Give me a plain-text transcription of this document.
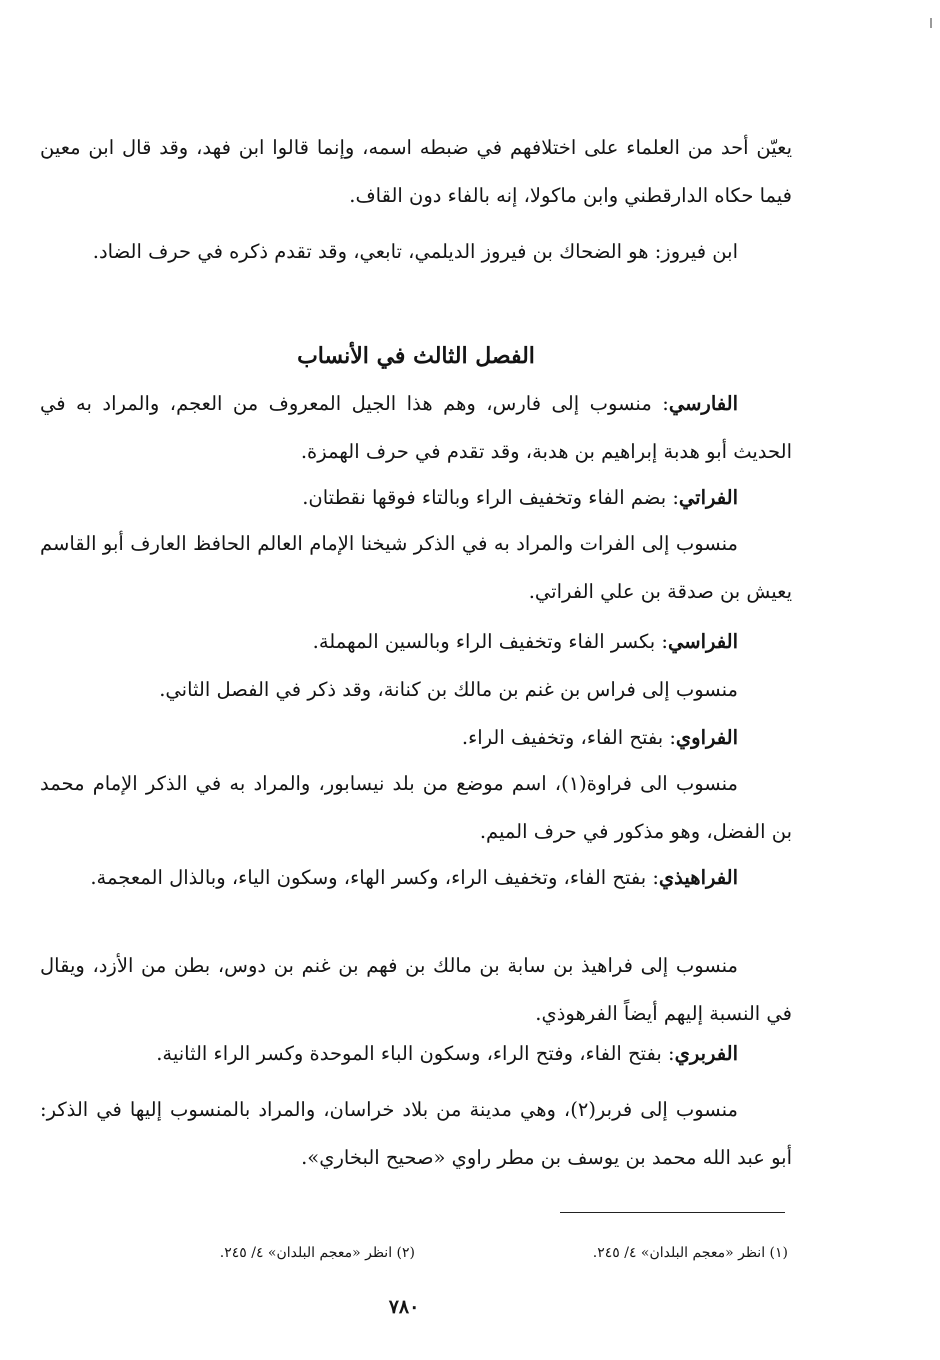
يعيّن أحد من العلماء على اختلافهم في ضبطه اسمه، وإنما قالوا ابن فهد، وقد قال ابن معين فيما حكاه الدارقطني وابن ماكولا، إنه بالفاء دون القاف.

ابن فيروز: هو الضحاك بن فيروز الديلمي، تابعي، وقد تقدم ذكره في حرف الضاد.

الفصل الثالث في الأنساب

الفارسي: منسوب إلى فارس، وهم هذا الجيل المعروف من العجم، والمراد به في الحديث أبو هدبة إبراهيم بن هدبة، وقد تقدم في حرف الهمزة.

الفراتي: بضم الفاء وتخفيف الراء وبالتاء فوقها نقطتان.

منسوب إلى الفرات والمراد به في الذكر شيخنا الإمام العالم الحافظ العارف أبو القاسم يعيش بن صدقة بن علي الفراتي.

الفراسي: بكسر الفاء وتخفيف الراء وبالسين المهملة.

منسوب إلى فراس بن غنم بن مالك بن كنانة، وقد ذكر في الفصل الثاني.

الفراوي: بفتح الفاء، وتخفيف الراء.

منسوب الى فراوة(١)، اسم موضع من بلد نيسابور، والمراد به في الذكر الإمام محمد بن الفضل، وهو مذكور في حرف الميم.

الفراهيذي: بفتح الفاء، وتخفيف الراء، وكسر الهاء، وسكون الياء، وبالذال المعجمة.

منسوب إلى فراهيذ بن سابة بن مالك بن فهم بن غنم بن دوس، بطن من الأزد، ويقال في النسبة إليهم أيضاً الفرهوذي.

الفربري: بفتح الفاء، وفتح الراء، وسكون الباء الموحدة وكسر الراء الثانية.

منسوب إلى فربر(٢)، وهي مدينة من بلاد خراسان، والمراد بالمنسوب إليها في الذكر: أبو عبد الله محمد بن يوسف بن مطر راوي «صحيح البخاري».

(١) انظر «معجم البلدان» ٤/ ٢٤٥.
(٢) انظر «معجم البلدان» ٤/ ٢٤٥.
٧٨٠
